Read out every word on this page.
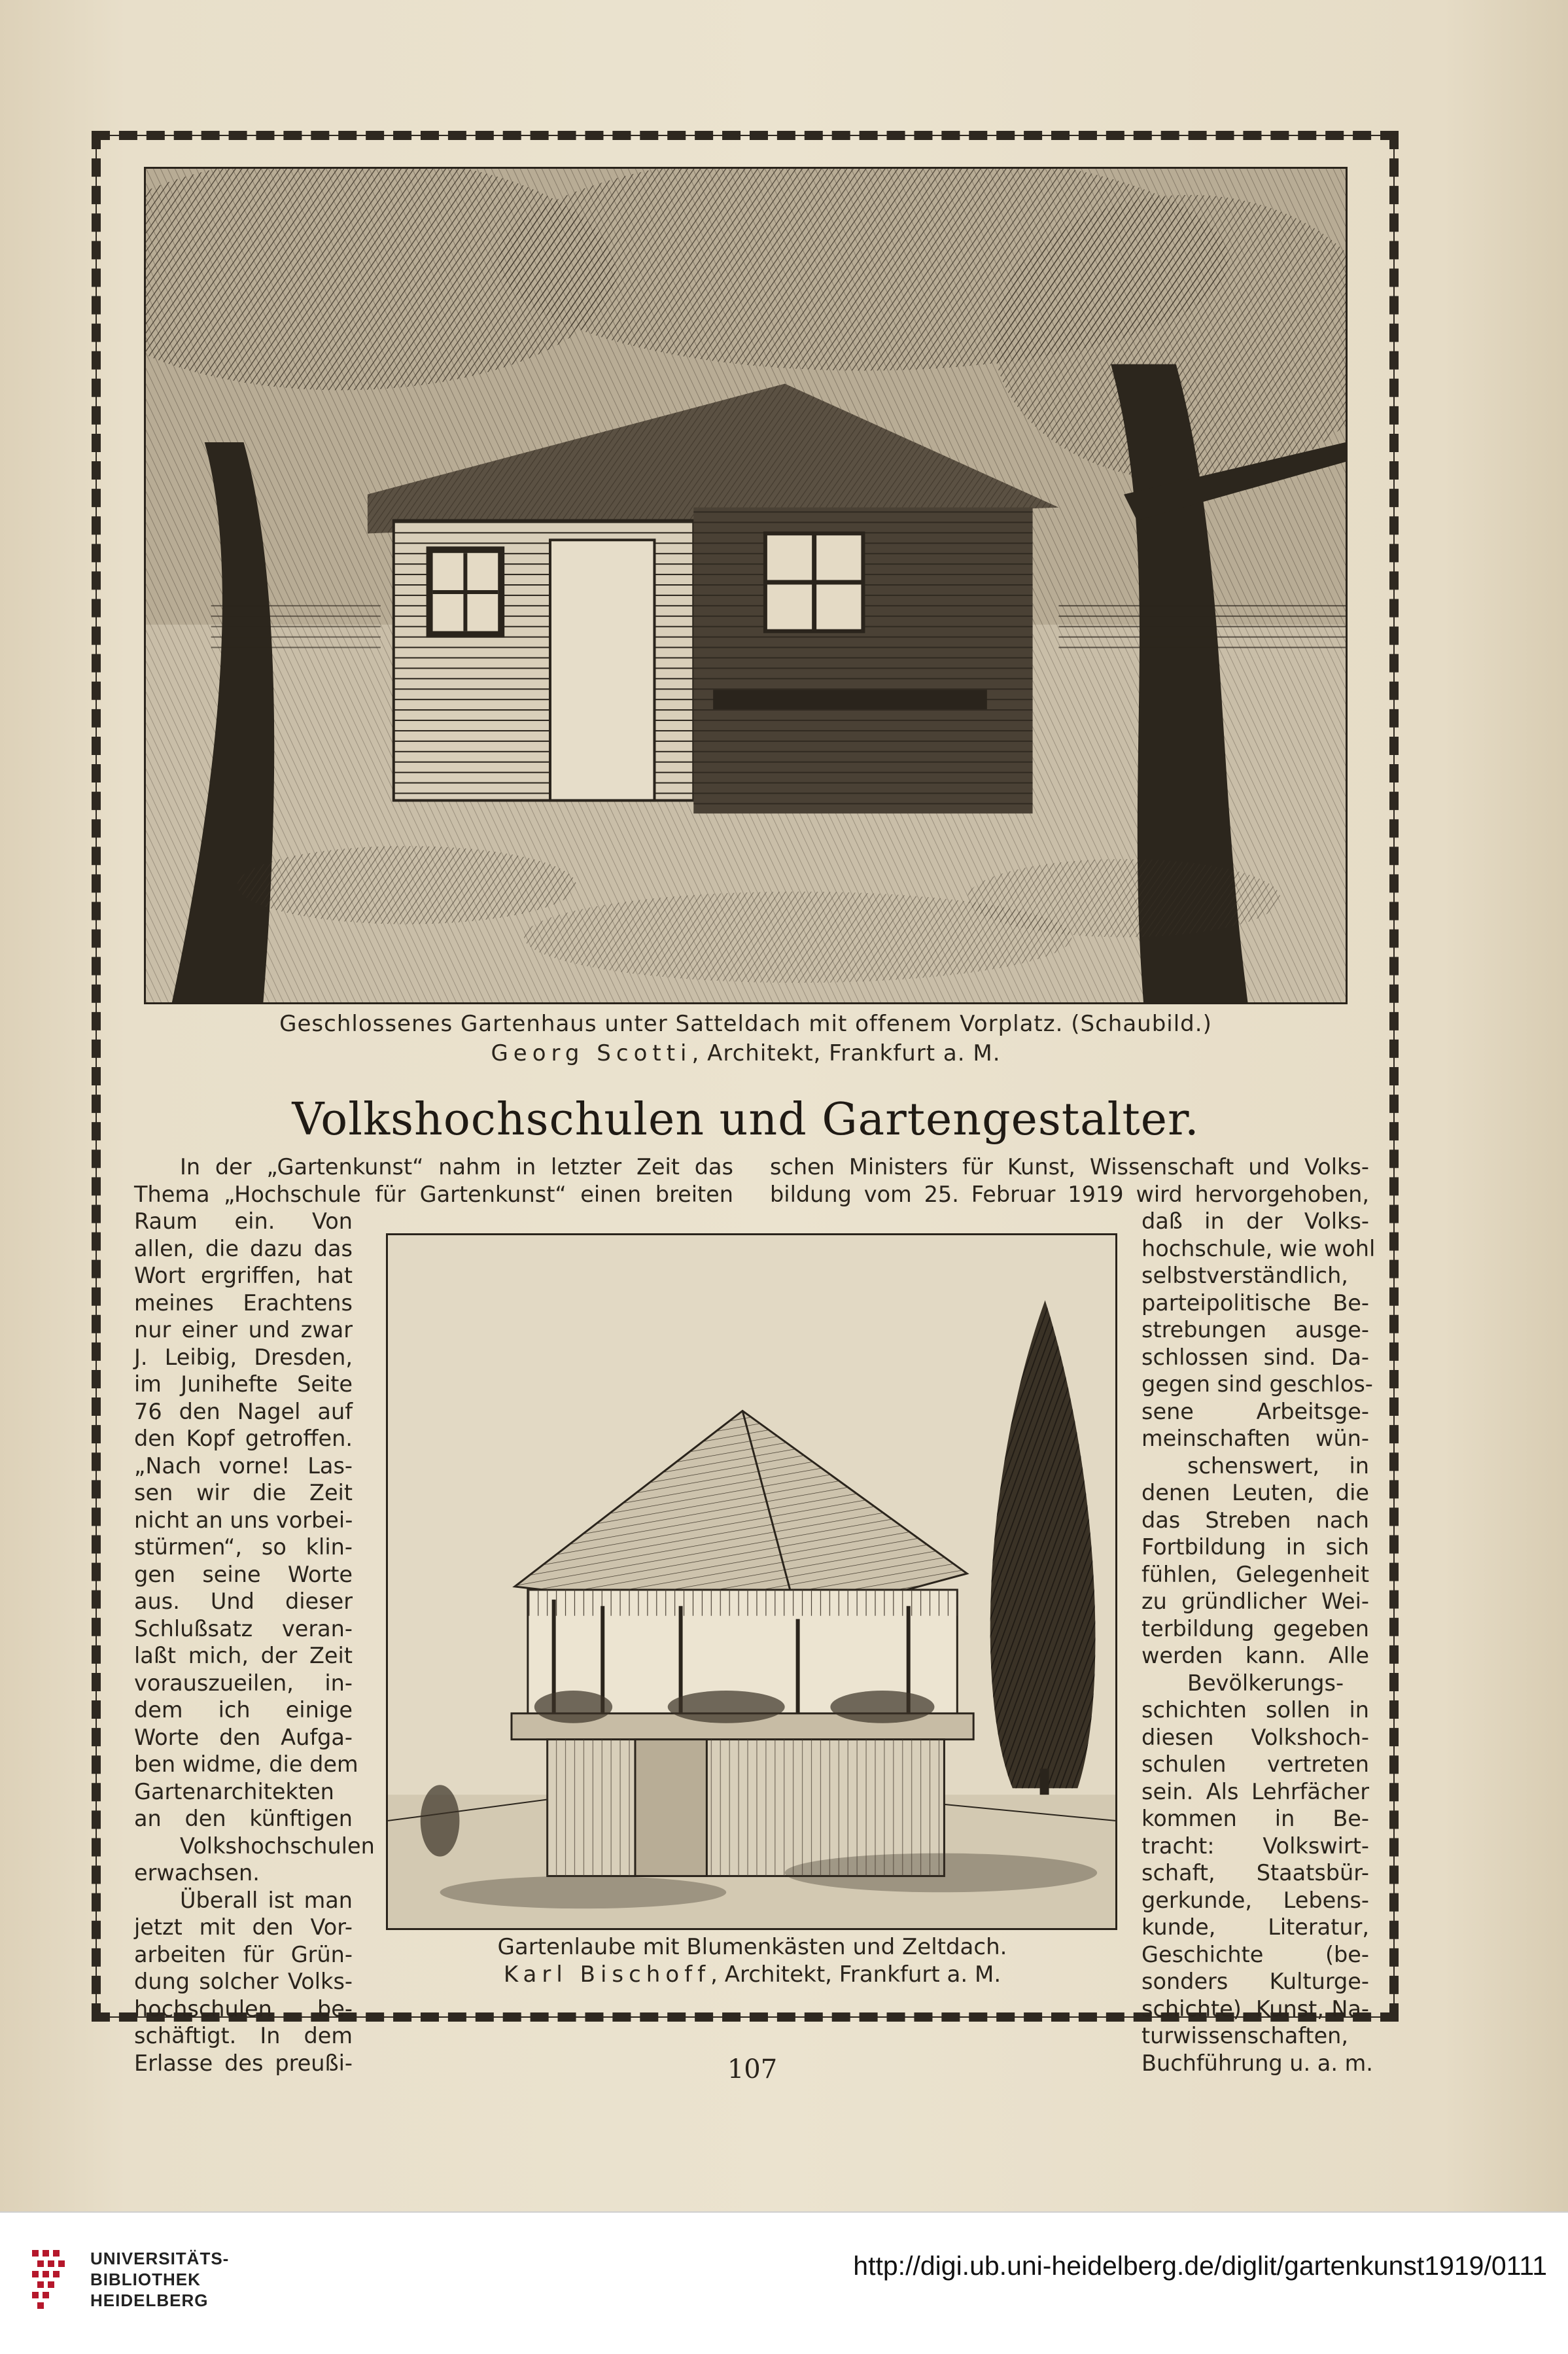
Geschlossenes Gartenhaus unter Satteldach mit offenem Vorplatz. (Schaubild.)
Georg Scotti, Architekt, Frankfurt a. M.
Volkshochschulen und Gartengestalter.
In der „Gartenkunst“ nahm in letzter Zeit das
Thema „Hochschule für Gartenkunst“ einen breiten
Raum ein. Von
allen, die dazu das
Wort ergriffen, hat
meines Erachtens
nur einer und zwar
J. Leibig, Dresden,
im Junihefte Seite
76 den Nagel auf
den Kopf getroffen.
„Nach vorne! Las-
sen wir die Zeit
nicht an uns vorbei-
stürmen“, so klin-
gen seine Worte
aus. Und dieser
Schlußsatz veran-
laßt mich, der Zeit
vorauszueilen, in-
dem ich einige
Worte den Aufga-
ben widme, die dem
Gartenarchitekten
an den künftigen
Volkshochschulen
erwachsen.
Überall ist man
jetzt mit den Vor-
arbeiten für Grün-
dung solcher Volks-
hochschulen be-
schäftigt. In dem
Erlasse des preußi-
schen Ministers für Kunst, Wissenschaft und Volks-
bildung vom 25. Februar 1919 wird hervorgehoben,
daß in der Volks-
hochschule, wie wohl
selbstverständlich,
parteipolitische Be-
strebungen ausge-
schlossen sind. Da-
gegen sind geschlos-
sene Arbeitsge-
meinschaften wün-
schenswert, in
denen Leuten, die
das Streben nach
Fortbildung in sich
fühlen, Gelegenheit
zu gründlicher Wei-
terbildung gegeben
werden kann. Alle
Bevölkerungs-
schichten sollen in
diesen Volkshoch-
schulen vertreten
sein. Als Lehrfächer
kommen in Be-
tracht: Volkswirt-
schaft, Staatsbür-
gerkunde, Lebens-
kunde, Literatur,
Geschichte (be-
sonders Kulturge-
schichte), Kunst, Na-
turwissenschaften,
Buchführung u. a. m.
Gartenlaube mit Blumenkästen und Zeltdach.
Karl Bischoff, Architekt, Frankfurt a. M.
107
UNIVERSITÄTS-
BIBLIOTHEK
HEIDELBERG
http://digi.ub.uni-heidelberg.de/diglit/gartenkunst1919/0111
